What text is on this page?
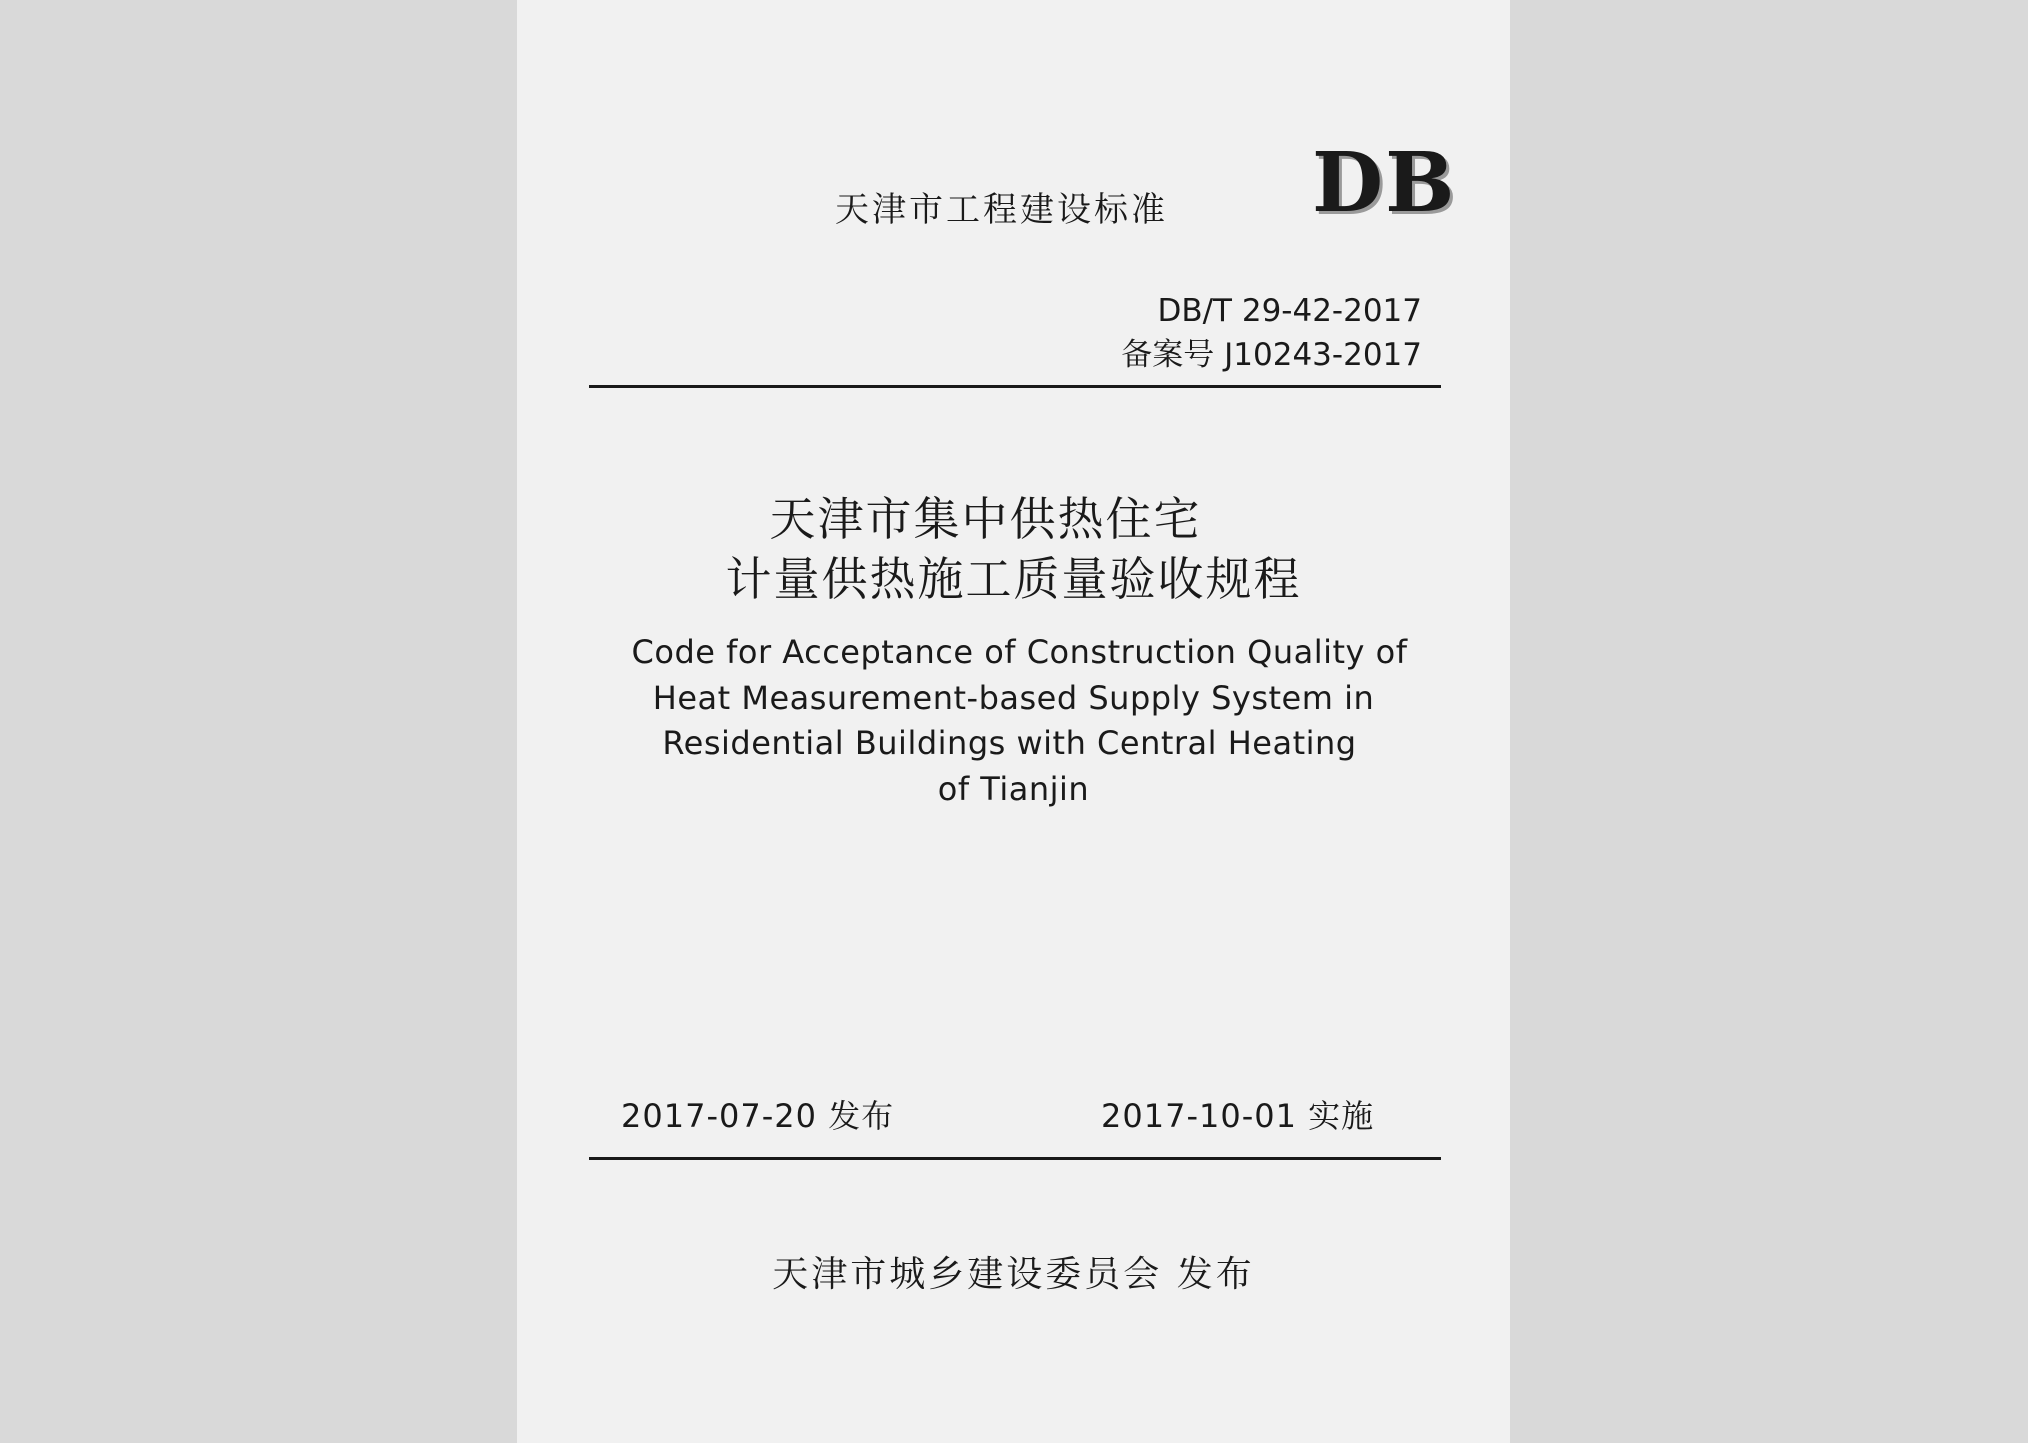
天津市工程建设标准 DB
DB/T 29-42-2017
备案号 J10243-2017
天津市集中供热住宅
计量供热施工质量验收规程
Code for Acceptance of Construction Quality of
Heat Measurement-based Supply System in
Residential Buildings with Central Heating
of Tianjin
2017-07-20 发布	2017-10-01 实施
天津市城乡建设委员会 发布
